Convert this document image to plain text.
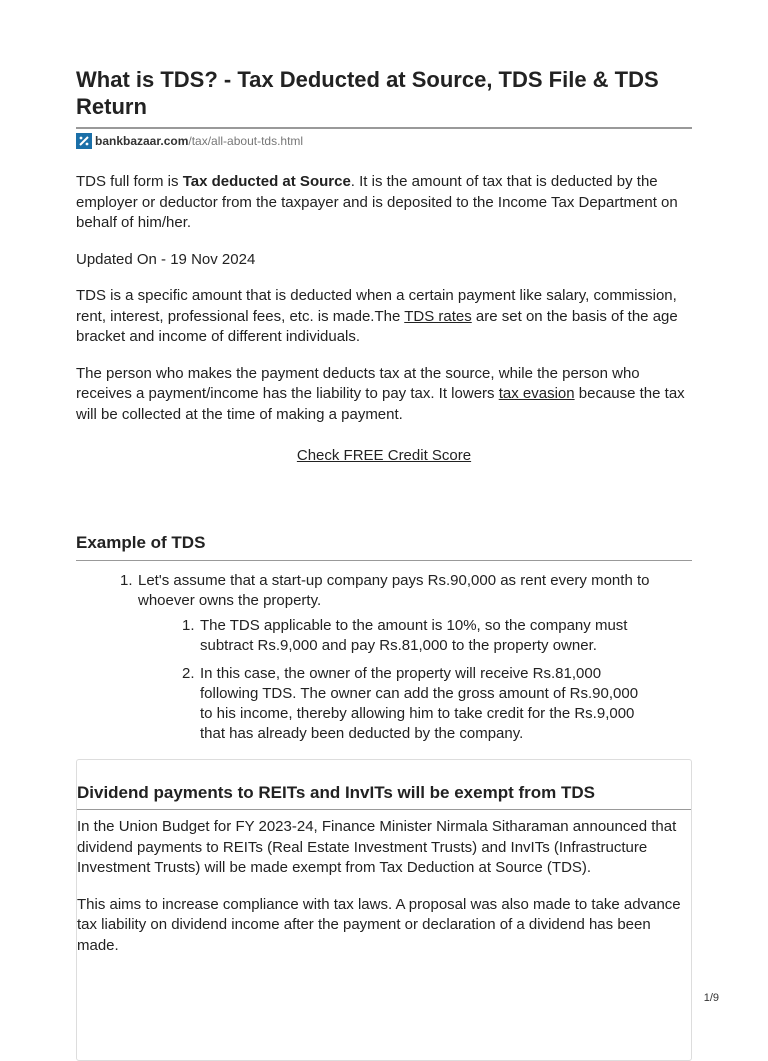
What is TDS? - Tax Deducted at Source, TDS File & TDS Return
bankbazaar.com /tax/all-about-tds.html

TDS full form is Tax deducted at Source. It is the amount of tax that is deducted by the employer or deductor from the taxpayer and is deposited to the Income Tax Department on behalf of him/her.

Updated On - 19 Nov 2024

TDS is a specific amount that is deducted when a certain payment like salary, commission, rent, interest, professional fees, etc. is made.The TDS rates are set on the basis of the age bracket and income of different individuals.

The person who makes the payment deducts tax at the source, while the person who receives a payment/income has the liability to pay tax. It lowers tax evasion because the tax will be collected at the time of making a payment.

Check FREE Credit Score
Example of TDS
1. Let's assume that a start-up company pays Rs.90,000 as rent every month to whoever owns the property.
1. The TDS applicable to the amount is 10%, so the company must subtract Rs.9,000 and pay Rs.81,000 to the property owner.
2. In this case, the owner of the property will receive Rs.81,000 following TDS. The owner can add the gross amount of Rs.90,000 to his income, thereby allowing him to take credit for the Rs.9,000 that has already been deducted by the company.
Dividend payments to REITs and InvITs will be exempt from TDS

In the Union Budget for FY 2023-24, Finance Minister Nirmala Sitharaman announced that dividend payments to REITs (Real Estate Investment Trusts) and InvITs (Infrastructure Investment Trusts) will be made exempt from Tax Deduction at Source (TDS).

This aims to increase compliance with tax laws. A proposal was also made to take advance tax liability on dividend income after the payment or declaration of a dividend has been made.

1/9
